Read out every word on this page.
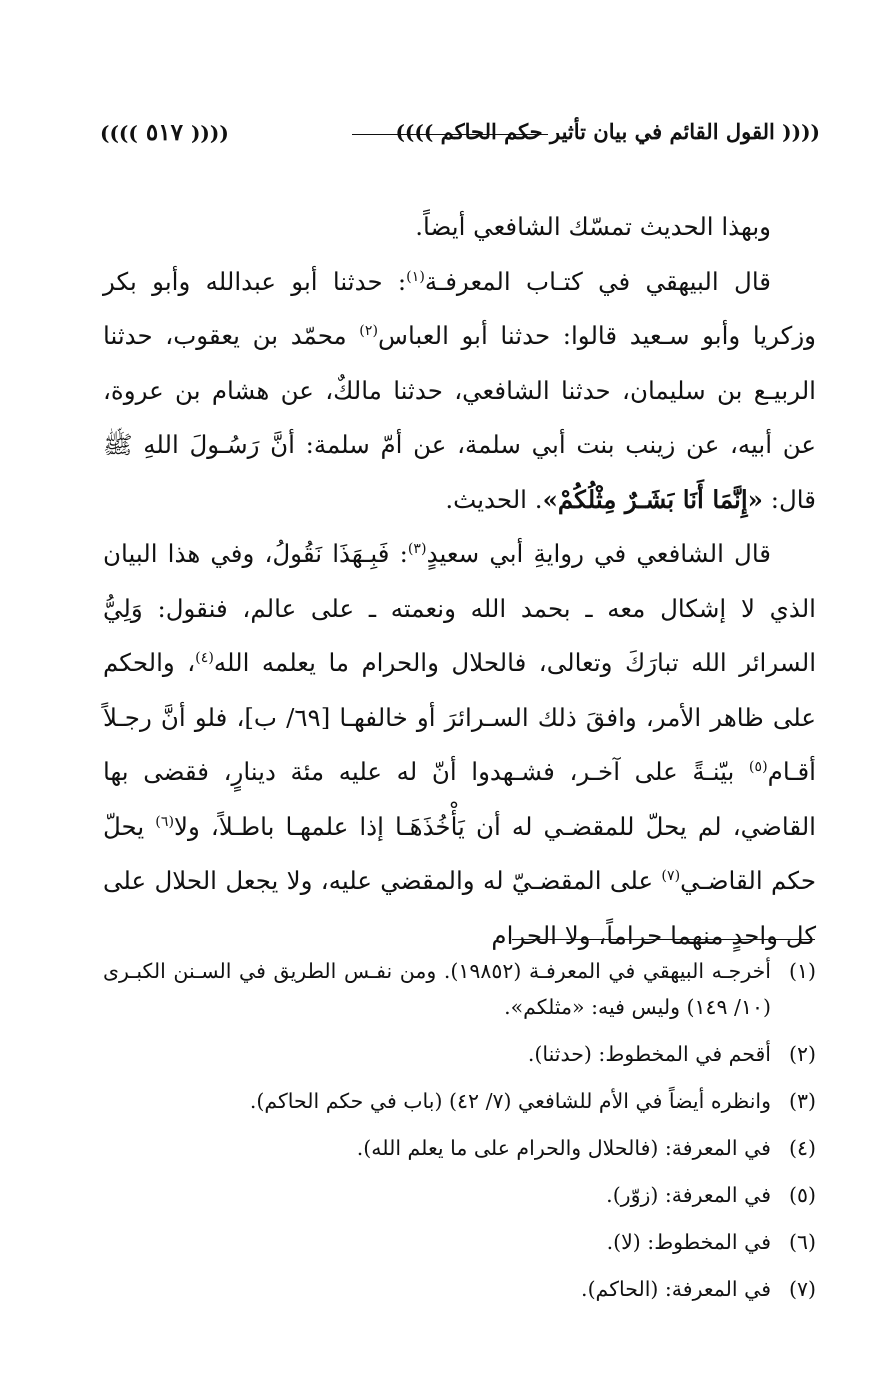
(((( ٥١٧ ))))	(((( القول القائم في بيان تأثير حكم الحاكم ))))

وبهذا الحديث تمسّك الشافعي أيضاً.

قال البيهقي في كتـاب المعرفـة$^{(١)}$: حدثنا أبو عبدالله وأبو بكر وزكريا وأبو سـعيد قالوا: حدثنا أبو العباس$^{(٢)}$ محمّد بن يعقوب، حدثنا الربيـع بن سليمان، حدثنا الشافعي، حدثنا مالكٌ، عن هشام بن عروة، عن أبيه، عن زينب بنت أبي سلمة، عن أمّ سلمة: أنَّ رَسُـولَ اللهِ ﷺ قال: «إِنَّمَا أَنَا بَشَـرٌ مِثْلُكُمْ». الحديث.

قال الشافعي في روايةِ أبي سعيدٍ$^{(٣)}$: فَبِـهَذَا نَقُولُ، وفي هذا البيان الذي لا إشكال معه ـ بحمد الله ونعمته ـ على عالم، فنقول: وَلِيُّ السرائر الله تبارَكَ وتعالى، فالحلال والحرام ما يعلمه الله$^{(٤)}$، والحكم على ظاهر الأمر، وافقَ ذلك السـرائرَ أو خالفهـا [٦٩/ ب]، فلو أنَّ رجـلاً أقـام$^{(٥)}$ بيّنـةً على آخـر، فشـهدوا أنّ له عليه مئة دينارٍ، فقضى بها القاضي، لم يحلّ للمقضـي له أن يَأْخُذَهَـا إذا علمهـا باطـلاً، ولا$^{(٦)}$ يحلّ حكم القاضـي$^{(٧)}$ على المقضـيّ له والمقضي عليه، ولا يجعل الحلال على كل واحدٍ منهما حراماً، ولا الحرام

(١)
أخرجـه البيهقي في المعرفـة (١٩٨٥٢). ومن نفـس الطريق في السـنن الكبـرى (١٠/ ١٤٩) وليس فيه: «مثلكم».
(٢)
أقحم في المخطوط: (حدثنا).
(٣)
وانظره أيضاً في الأم للشافعي (٧/ ٤٢) (باب في حكم الحاكم).
(٤)
في المعرفة: (فالحلال والحرام على ما يعلم الله).
(٥)
في المعرفة: (زوّر).
(٦)
في المخطوط: (لا).
(٧)
في المعرفة: (الحاكم).
